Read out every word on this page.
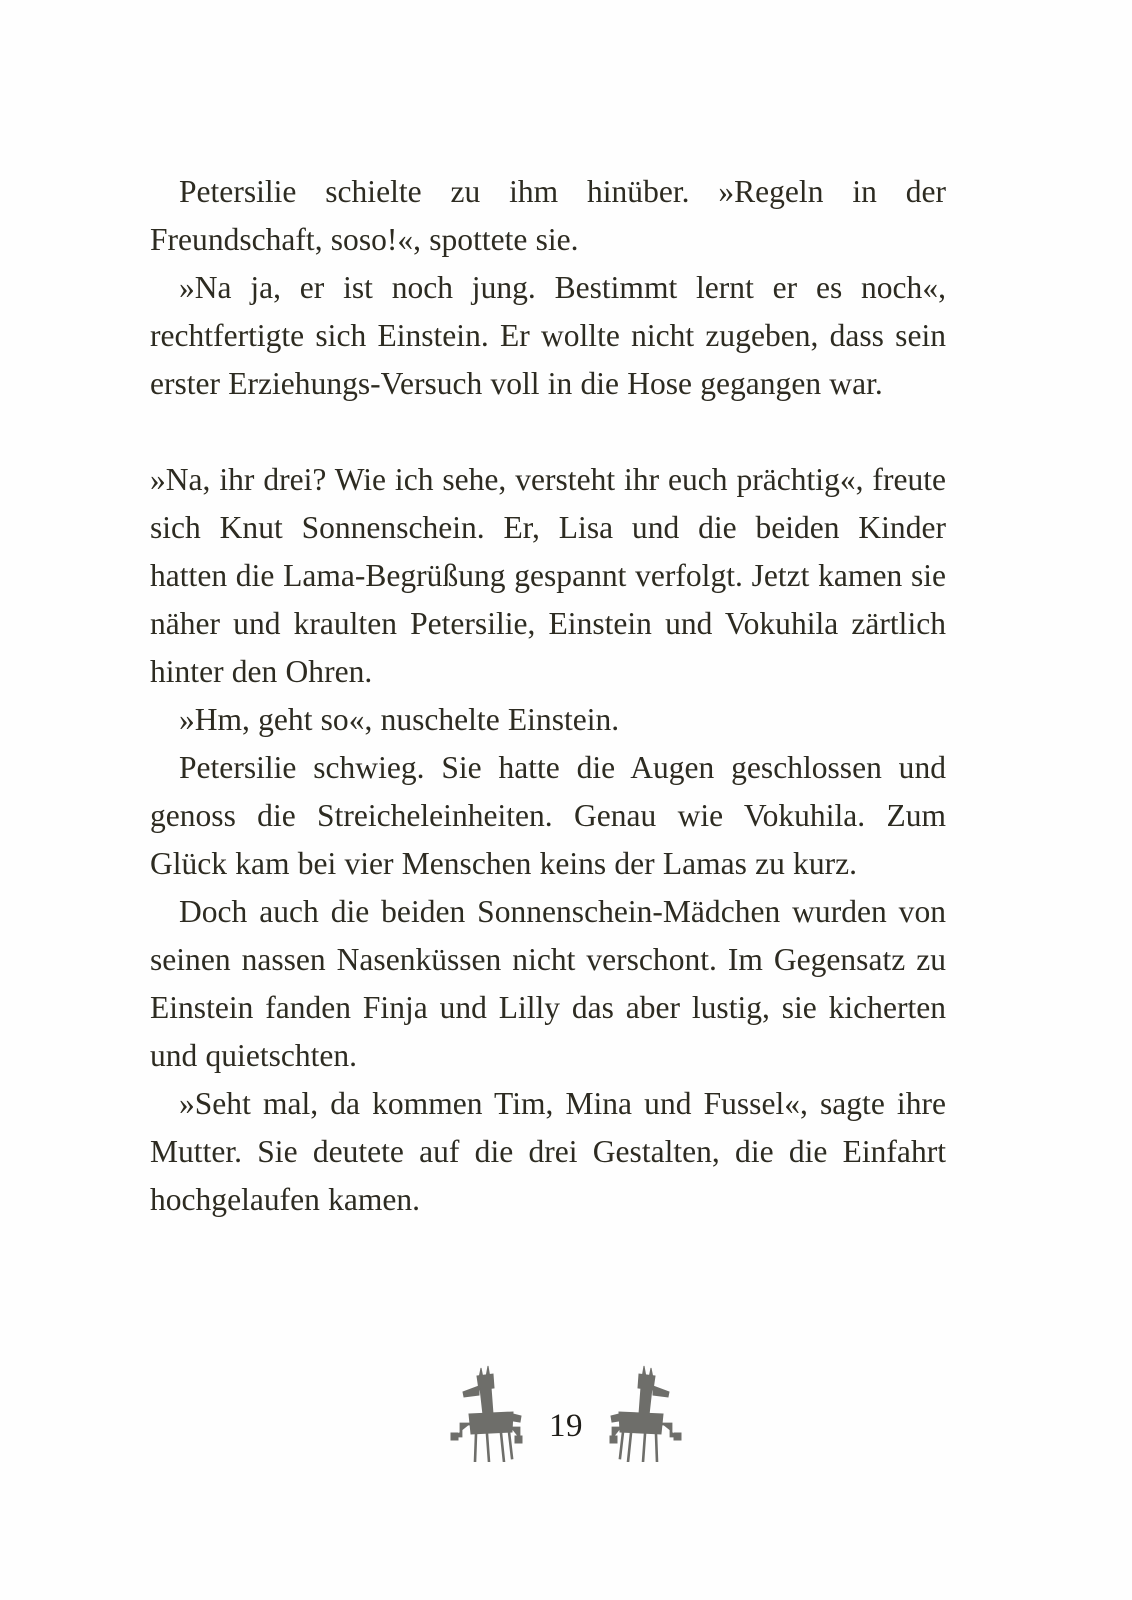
Petersilie schielte zu ihm hinüber. »Regeln in der Freundschaft, soso!«, spottete sie.

»Na ja, er ist noch jung. Bestimmt lernt er es noch«, rechtfertigte sich Einstein. Er wollte nicht zugeben, dass sein erster Erziehungs-Versuch voll in die Hose gegangen war.

»Na, ihr drei? Wie ich sehe, versteht ihr euch prächtig«, freute sich Knut Sonnenschein. Er, Lisa und die beiden Kinder hatten die Lama-Begrüßung gespannt verfolgt. Jetzt kamen sie näher und kraulten Petersilie, Einstein und Vokuhila zärtlich hinter den Ohren.

»Hm, geht so«, nuschelte Einstein.

Petersilie schwieg. Sie hatte die Augen geschlossen und genoss die Streicheleinheiten. Genau wie Vokuhila. Zum Glück kam bei vier Menschen keins der Lamas zu kurz.

Doch auch die beiden Sonnenschein-Mädchen wurden von seinen nassen Nasenküssen nicht verschont. Im Gegensatz zu Einstein fanden Finja und Lilly das aber lustig, sie kicherten und quietschten.

»Seht mal, da kommen Tim, Mina und Fussel«, sagte ihre Mutter. Sie deutete auf die drei Gestalten, die die Einfahrt hochgelaufen kamen.

19
